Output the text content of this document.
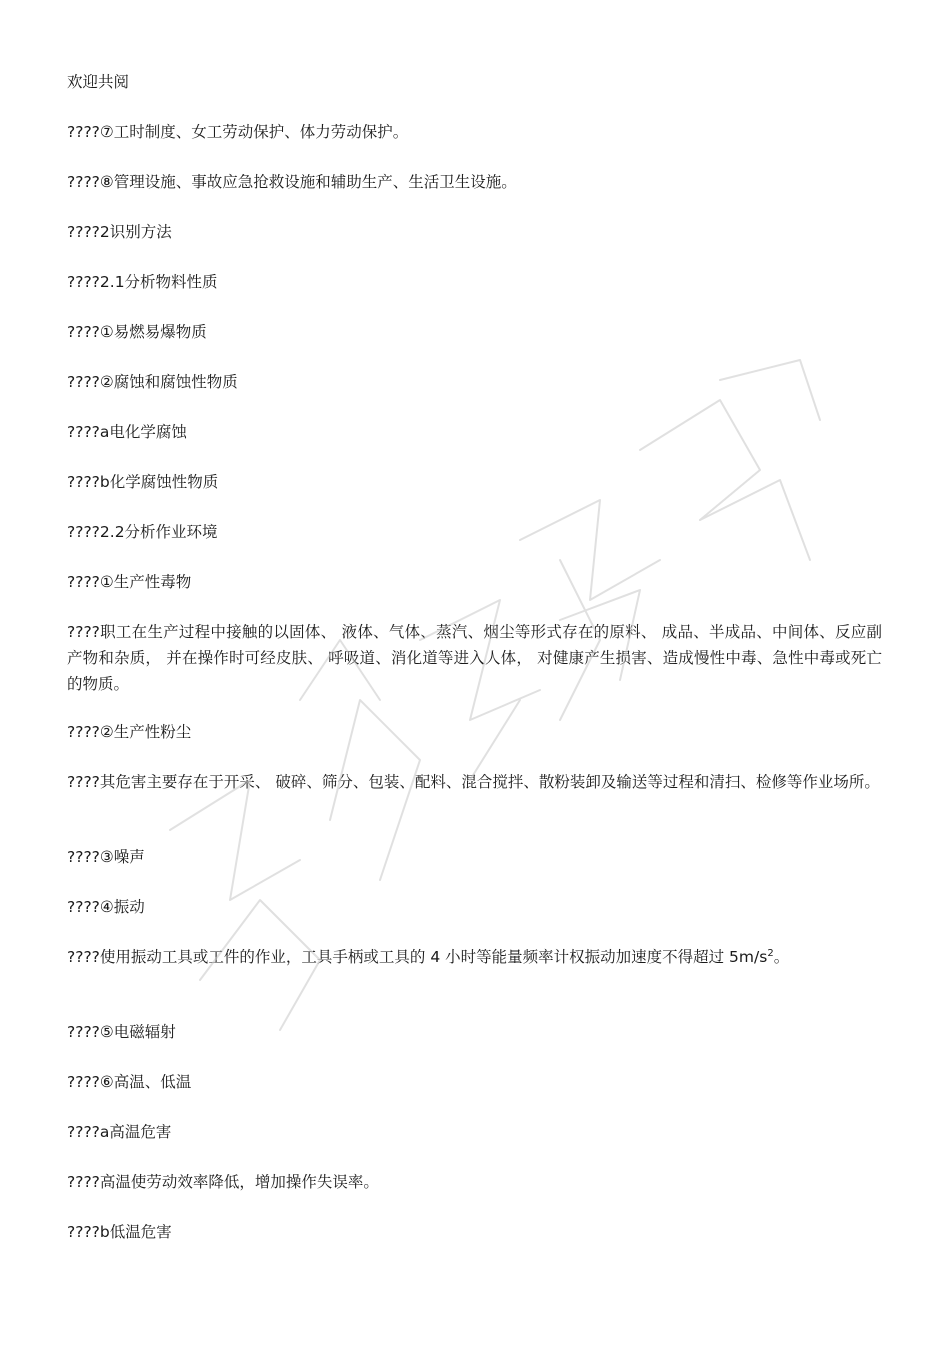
欢迎共阅
????⑦工时制度、女工劳动保护、体力劳动保护。
????⑧管理设施、事故应急抢救设施和辅助生产、生活卫生设施。
????2识别方法
????2.1分析物料性质
????①易燃易爆物质
????②腐蚀和腐蚀性物质
????a电化学腐蚀
????b化学腐蚀性物质
????2.2分析作业环境
????①生产性毒物
????职工在生产过程中接触的以固体、 液体、气体、蒸汽、烟尘等形式存在的原料、 成品、半成品、中间体、反应副产物和杂质， 并在操作时可经皮肤、 呼吸道、消化道等进入人体， 对健康产生损害、造成慢性中毒、急性中毒或死亡的物质。
????②生产性粉尘
????其危害主要存在于开采、 破碎、筛分、包装、配料、混合搅拌、散粉装卸及输送等过程和清扫、检修等作业场所。
????③噪声
????④振动
????使用振动工具或工件的作业，工具手柄或工具的 4 小时等能量频率计权振动加速度不得超过 $5m/s^2$。
????⑤电磁辐射
????⑥高温、低温
????a高温危害
????高温使劳动效率降低，增加操作失误率。
????b低温危害
